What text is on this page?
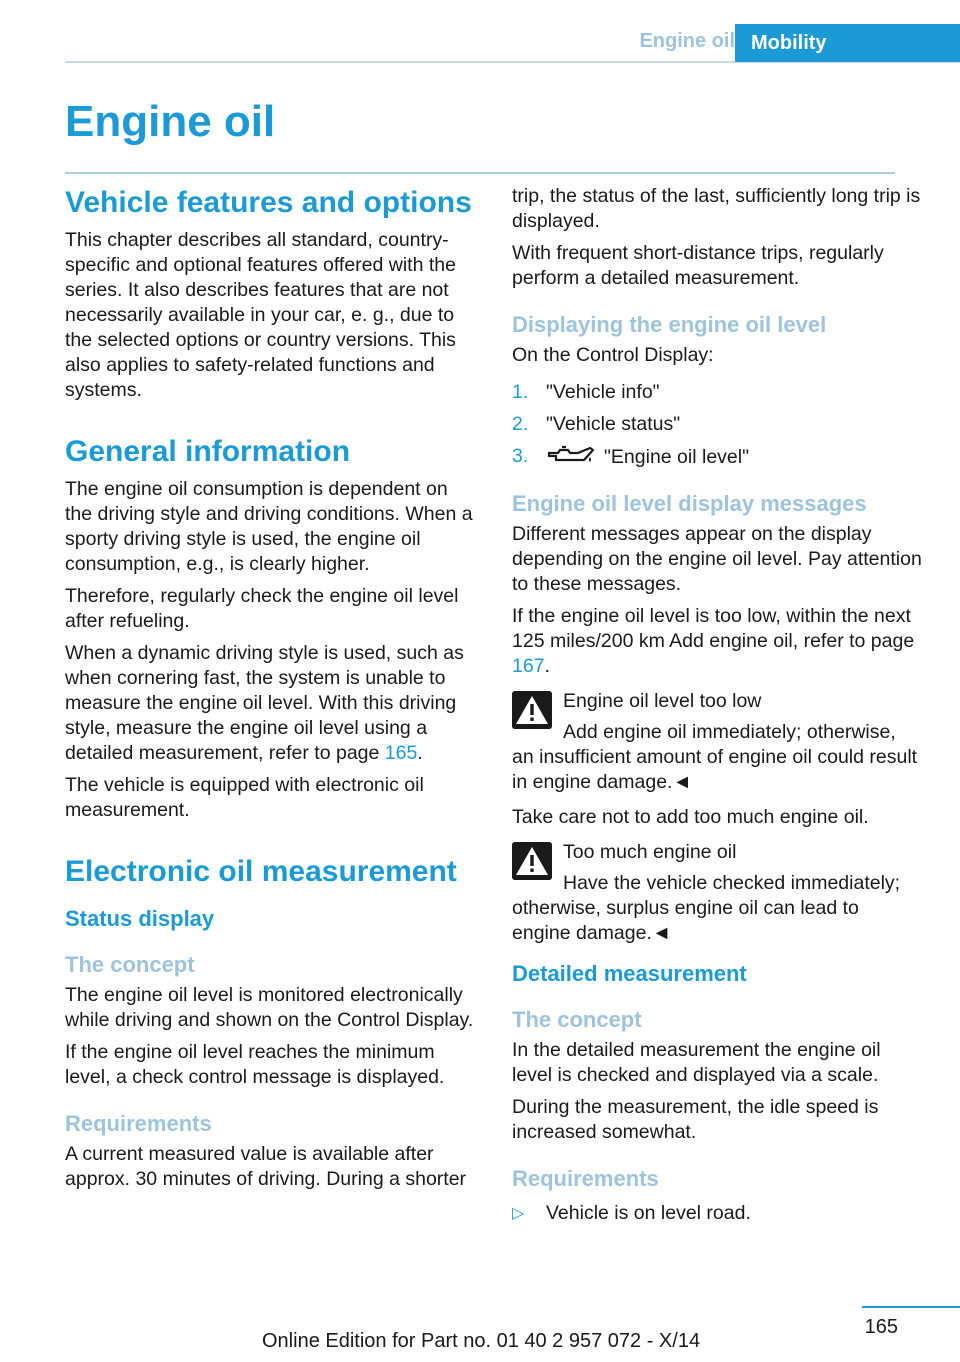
Engine oil Mobility
Engine oil
Vehicle features and options

This chapter describes all standard, country-specific and optional features offered with the series. It also describes features that are not necessarily available in your car, e. g., due to the selected options or country versions. This also applies to safety-related functions and systems.

General information

The engine oil consumption is dependent on the driving style and driving conditions. When a sporty driving style is used, the engine oil consumption, e.g., is clearly higher.

Therefore, regularly check the engine oil level after refueling.

When a dynamic driving style is used, such as when cornering fast, the system is unable to measure the engine oil level. With this driving style, measure the engine oil level using a detailed measurement, refer to page 165.

The vehicle is equipped with electronic oil measurement.

Electronic oil measurement
Status display
The concept

The engine oil level is monitored electronically while driving and shown on the Control Display.

If the engine oil level reaches the minimum level, a check control message is displayed.

Requirements

A current measured value is available after approx. 30 minutes of driving. During a shorter

trip, the status of the last, sufficiently long trip is displayed.

With frequent short-distance trips, regularly perform a detailed measurement.

Displaying the engine oil level

On the Control Display:

1. "Vehicle info"
2. "Vehicle status"
3.	"Engine oil level"
Engine oil level display messages

Different messages appear on the display depending on the engine oil level. Pay attention to these messages.

If the engine oil level is too low, within the next 125 miles/200 km Add engine oil, refer to page 167.

Engine oil level too low

Add engine oil immediately; otherwise, an insufficient amount of engine oil could result in engine damage.◄

Take care not to add too much engine oil.

Too much engine oil

Have the vehicle checked immediately; otherwise, surplus engine oil can lead to engine damage.◄

Detailed measurement
The concept

In the detailed measurement the engine oil level is checked and displayed via a scale.

During the measurement, the idle speed is increased somewhat.

Requirements
▷ Vehicle is on level road.
165
Online Edition for Part no. 01 40 2 957 072 - X/14
